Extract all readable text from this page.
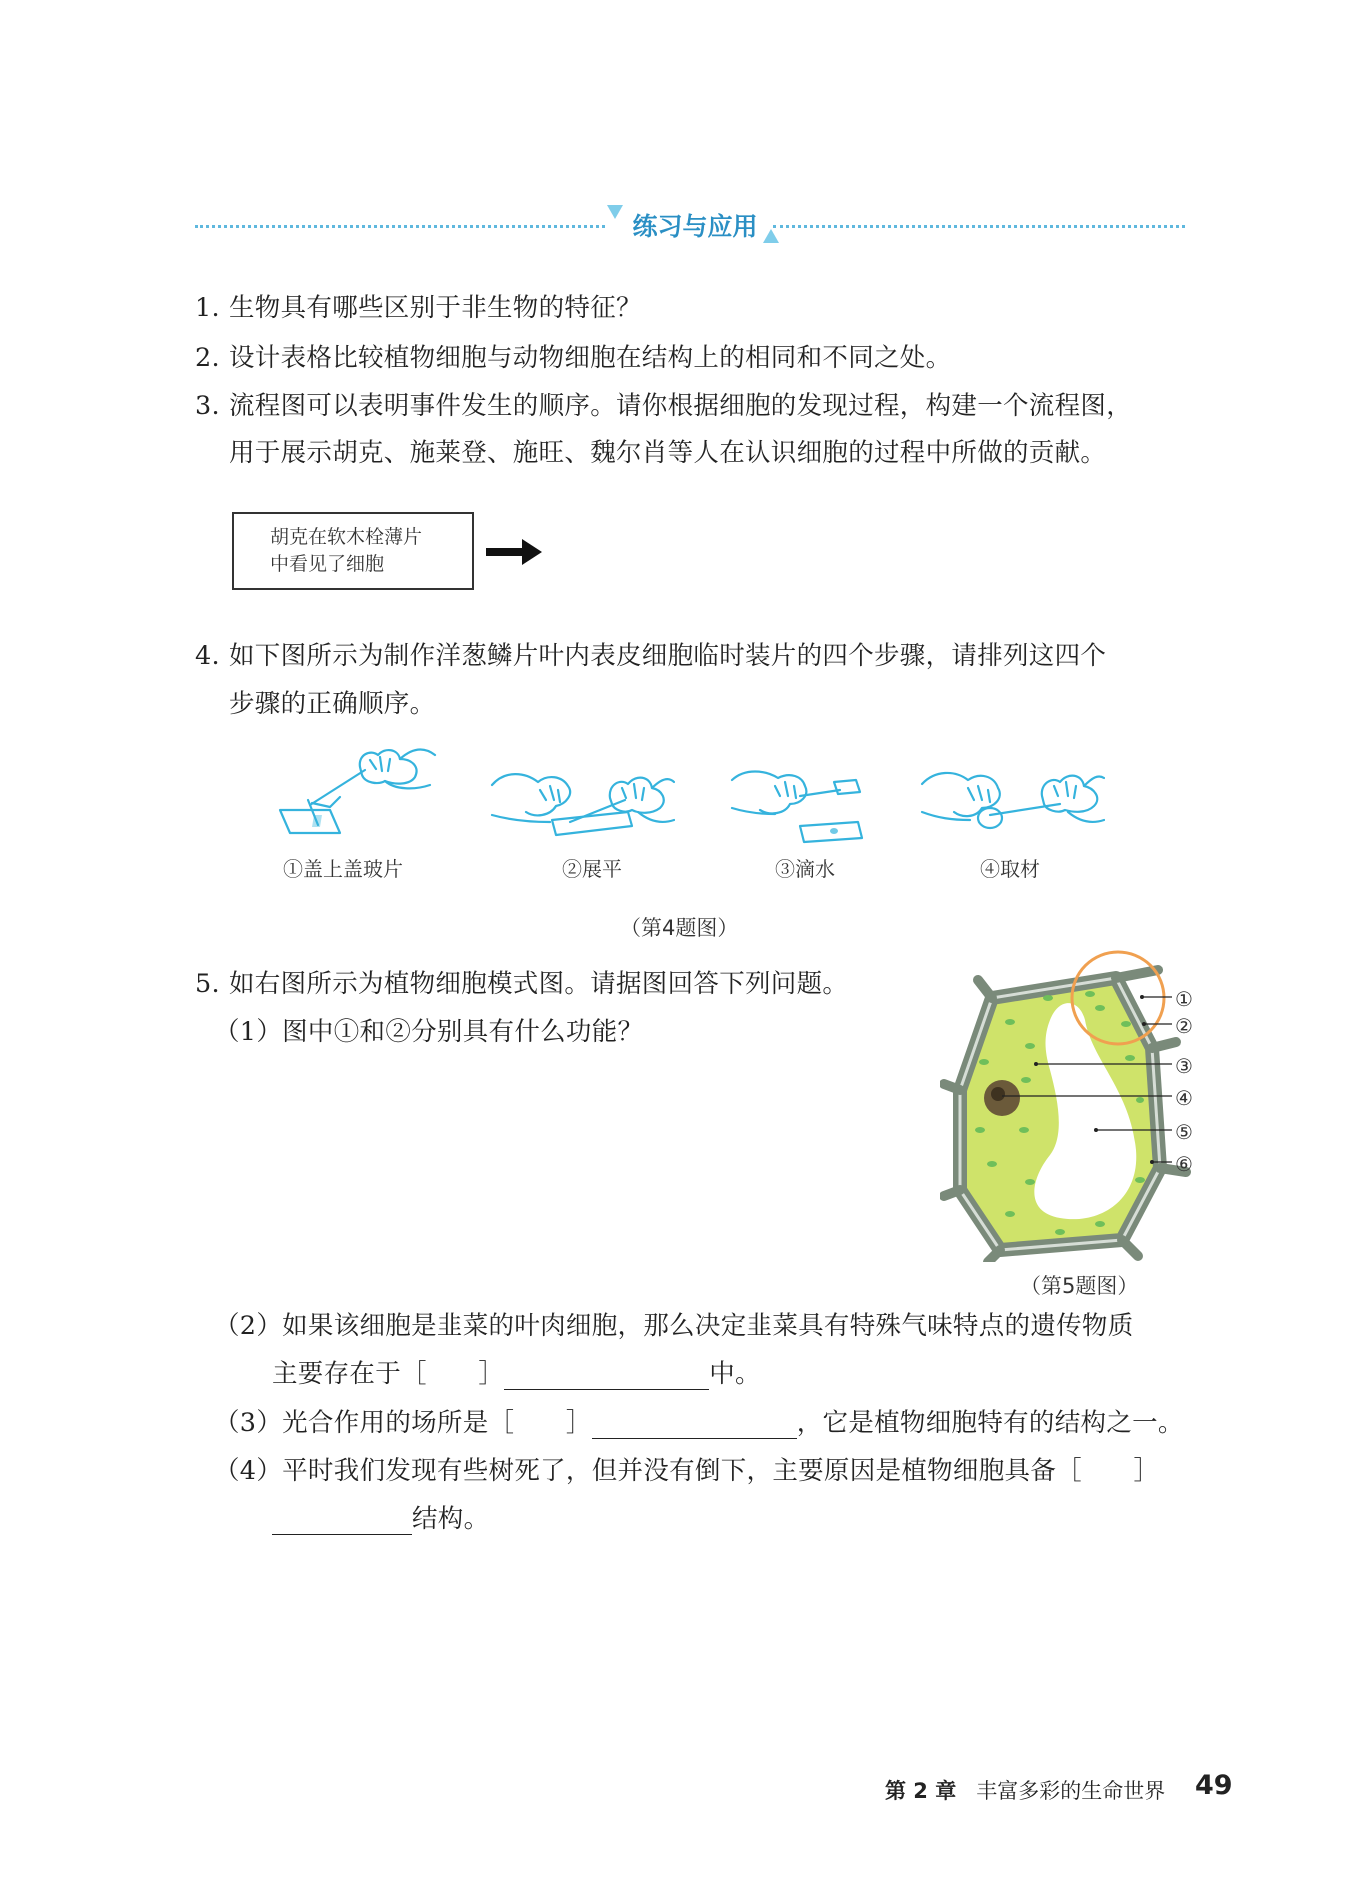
练习与应用
1. 生物具有哪些区别于非生物的特征？
2. 设计表格比较植物细胞与动物细胞在结构上的相同和不同之处。
3. 流程图可以表明事件发生的顺序。请你根据细胞的发现过程，构建一个流程图，
用于展示胡克、施莱登、施旺、魏尔肖等人在认识细胞的过程中所做的贡献。
胡克在软木栓薄片
中看见了细胞
4. 如下图所示为制作洋葱鳞片叶内表皮细胞临时装片的四个步骤，请排列这四个
步骤的正确顺序。
①盖上盖玻片	②展平	③滴水	④取材
（第4题图）
5. 如右图所示为植物细胞模式图。请据图回答下列问题。
（1）图中①和②分别具有什么功能？
①
②
③
④
⑤
⑥
（第5题图）
（2）如果该细胞是韭菜的叶肉细胞，那么决定韭菜具有特殊气味特点的遗传物质
主要存在于［　　］	中。
（3）光合作用的场所是［　　］	，它是植物细胞特有的结构之一。
（4）平时我们发现有些树死了，但并没有倒下，主要原因是植物细胞具备［　　］
结构。
第 2 章 丰富多彩的生命世界 49
